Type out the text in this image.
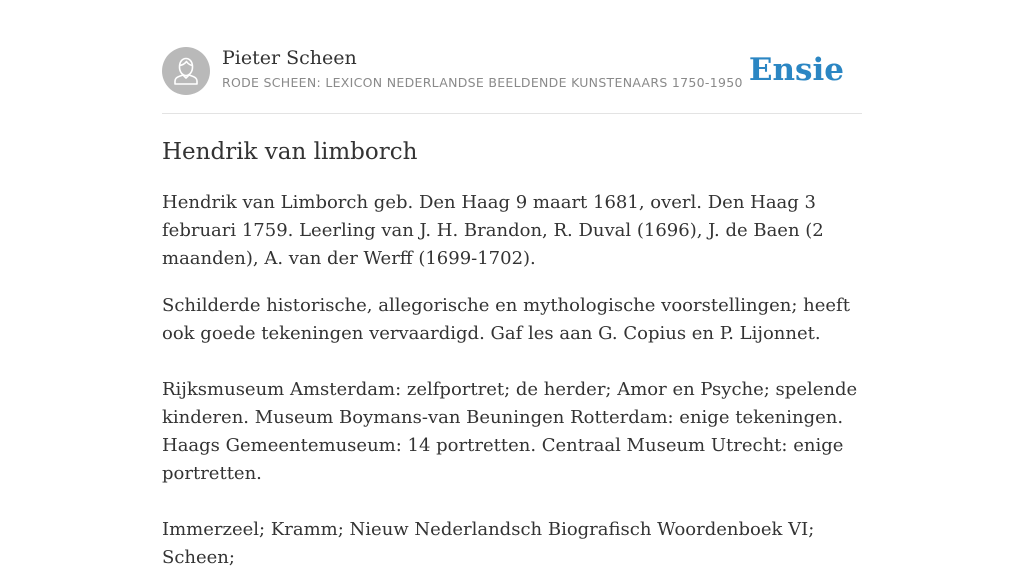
Pieter Scheen
RODE SCHEEN: LEXICON NEDERLANDSE BEELDENDE KUNSTENAARS 1750-1950 Ensie
Hendrik van limborch

Hendrik van Limborch geb. Den Haag 9 maart 1681, overl. Den Haag 3 februari 1759. Leerling van J. H. Brandon, R. Duval (1696), J. de Baen (2 maanden), A. van der Werff (1699-1702).

Schilderde historische, allegorische en mythologische voorstellingen; heeft ook goede tekeningen vervaardigd. Gaf les aan G. Copius en P. Lijonnet.

Rijksmuseum Amsterdam: zelfportret; de herder; Amor en Psyche; spelende kinderen. Museum Boymans-van Beuningen Rotterdam: enige tekeningen. Haags Gemeentemuseum: 14 portretten. Centraal Museum Utrecht: enige portretten.

Immerzeel; Kramm; Nieuw Nederlandsch Biografisch Woordenboek VI; Scheen;
